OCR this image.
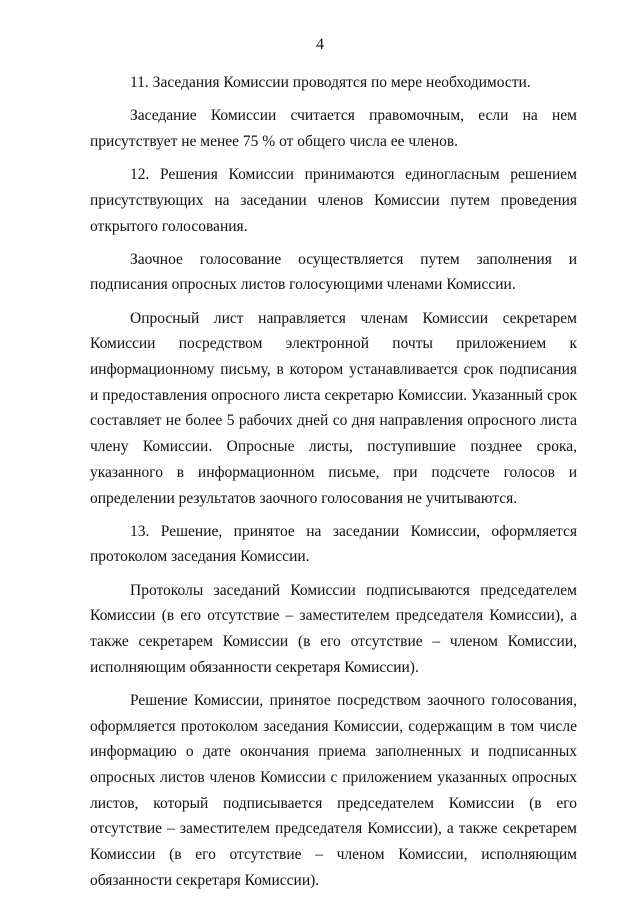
4

11. Заседания Комиссии проводятся по мере необходимости.

Заседание Комиссии считается правомочным, если на нем присутствует не менее 75 % от общего числа ее членов.

12. Решения Комиссии принимаются единогласным решением присутствующих на заседании членов Комиссии путем проведения открытого голосования.

Заочное голосование осуществляется путем заполнения и подписания опросных листов голосующими членами Комиссии.

Опросный лист направляется членам Комиссии секретарем Комиссии посредством электронной почты приложением к информационному письму, в котором устанавливается срок подписания и предоставления опросного листа секретарю Комиссии. Указанный срок составляет не более 5 рабочих дней со дня направления опросного листа члену Комиссии. Опросные листы, поступившие позднее срока, указанного в информационном письме, при подсчете голосов и определении результатов заочного голосования не учитываются.

13. Решение, принятое на заседании Комиссии, оформляется протоколом заседания Комиссии.

Протоколы заседаний Комиссии подписываются председателем Комиссии (в его отсутствие – заместителем председателя Комиссии), а также секретарем Комиссии (в его отсутствие – членом Комиссии, исполняющим обязанности секретаря Комиссии).

Решение Комиссии, принятое посредством заочного голосования, оформляется протоколом заседания Комиссии, содержащим в том числе информацию о дате окончания приема заполненных и подписанных опросных листов членов Комиссии с приложением указанных опросных листов, который подписывается председателем Комиссии (в его отсутствие – заместителем председателя Комиссии), а также секретарем Комиссии (в его отсутствие – членом Комиссии, исполняющим обязанности секретаря Комиссии).
